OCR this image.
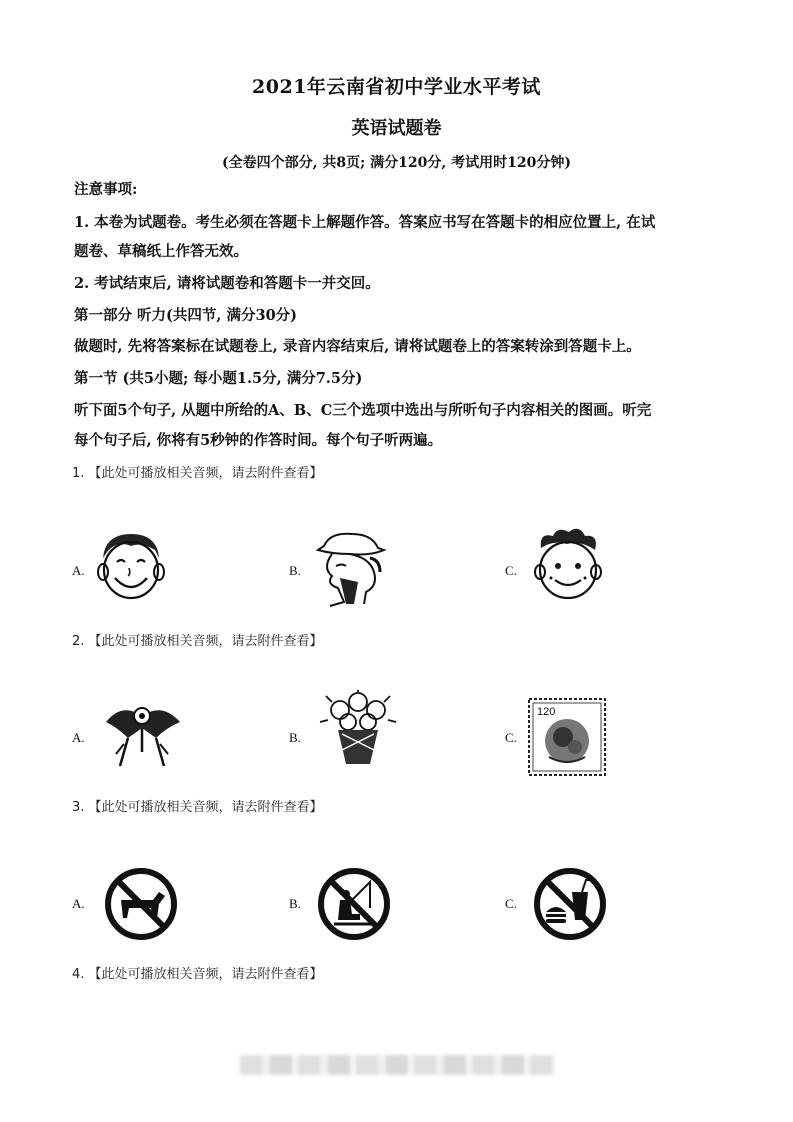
2021年云南省初中学业水平考试
英语试题卷
(全卷四个部分, 共8页; 满分120分, 考试用时120分钟)
注意事项:
1. 本卷为试题卷。考生必须在答题卡上解题作答。答案应书写在答题卡的相应位置上, 在试
题卷、草稿纸上作答无效。
2. 考试结束后, 请将试题卷和答题卡一并交回。
第一部分 听力(共四节, 满分30分)
做题时, 先将答案标在试题卷上, 录音内容结束后, 请将试题卷上的答案转涂到答题卡上。
第一节 (共5小题; 每小题1.5分, 满分7.5分)
听下面5个句子, 从题中所给的A、B、C三个选项中选出与所听句子内容相关的图画。听完
每个句子后, 你将有5秒钟的作答时间。每个句子听两遍。
1. 【此处可播放相关音频，请去附件查看】
A.	B.	C.
2. 【此处可播放相关音频，请去附件查看】
A.	B.	C.
120
3. 【此处可播放相关音频，请去附件查看】
A.	B.	C.
4. 【此处可播放相关音频，请去附件查看】
